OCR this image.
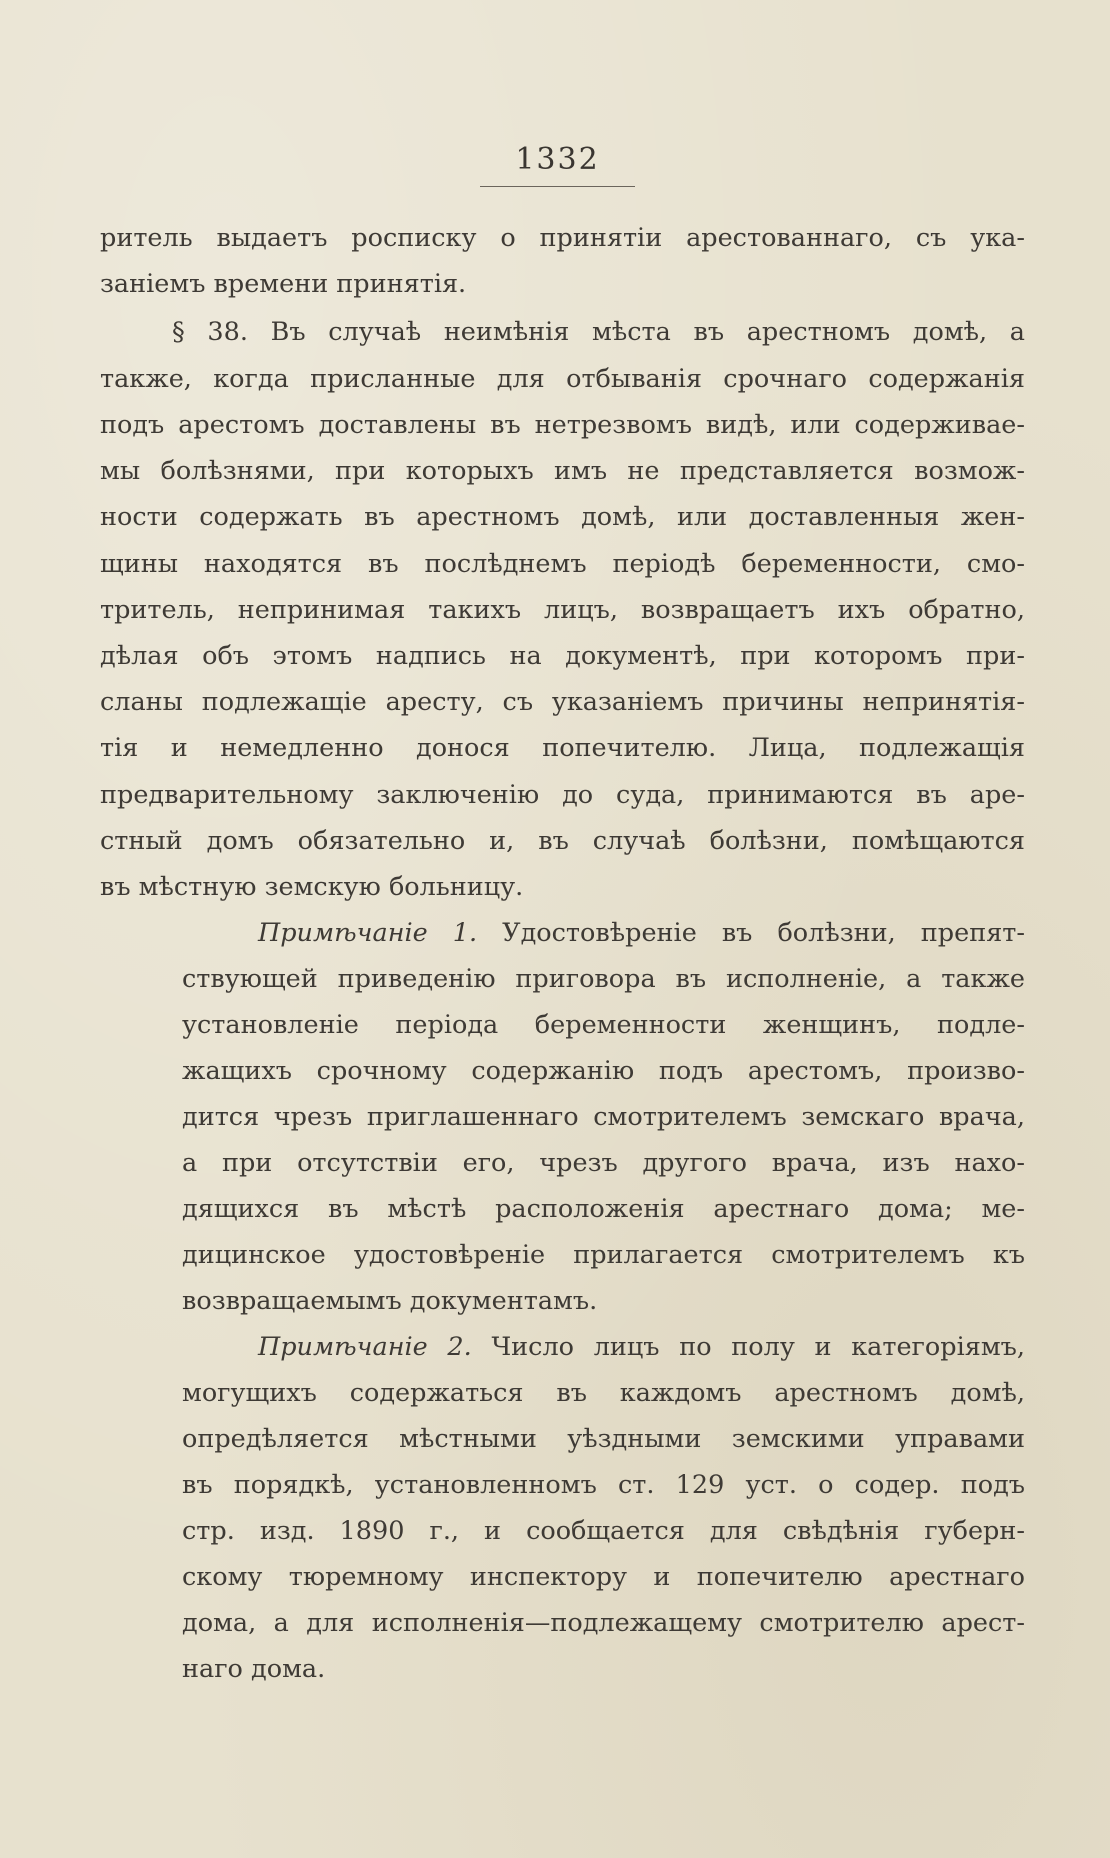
1332
ритель выдаетъ росписку о принятіи арестованнаго, съ ука-
заніемъ времени принятія.
§ 38. Въ случаѣ неимѣнія мѣста въ арестномъ домѣ, а
также, когда присланные для отбыванія срочнаго содержанія
подъ арестомъ доставлены въ нетрезвомъ видѣ, или содерживае-
мы болѣзнями, при которыхъ имъ не представляется возмож-
ности содержать въ арестномъ домѣ, или доставленныя жен-
щины находятся въ послѣднемъ періодѣ беременности, смо-
тритель, непринимая такихъ лицъ, возвращаетъ ихъ обратно,
дѣлая объ этомъ надпись на документѣ, при которомъ при-
сланы подлежащіе аресту, съ указаніемъ причины непринятія-
тія и немедленно донося попечителю. Лица, подлежащія
предварительному заключенію до суда, принимаются въ аре-
стный домъ обязательно и, въ случаѣ болѣзни, помѣщаются
въ мѣстную земскую больницу.
Примѣчаніе 1. Удостовѣреніе въ болѣзни, препят-
ствующей приведенію приговора въ исполненіе, а также
установленіе періода беременности женщинъ, подле-
жащихъ срочному содержанію подъ арестомъ, произво-
дится чрезъ приглашеннаго смотрителемъ земскаго врача,
а при отсутствіи его, чрезъ другого врача, изъ нахо-
дящихся въ мѣстѣ расположенія арестнаго дома; ме-
дицинское удостовѣреніе прилагается смотрителемъ къ
возвращаемымъ документамъ.
Примѣчаніе 2. Число лицъ по полу и категоріямъ,
могущихъ содержаться въ каждомъ арестномъ домѣ,
опредѣляется мѣстными уѣздными земскими управами
въ порядкѣ, установленномъ ст. 129 уст. о содер. подъ
стр. изд. 1890 г., и сообщается для свѣдѣнія губерн-
скому тюремному инспектору и попечителю арестнаго
дома, а для исполненія—подлежащему смотрителю арест-
наго дома.
